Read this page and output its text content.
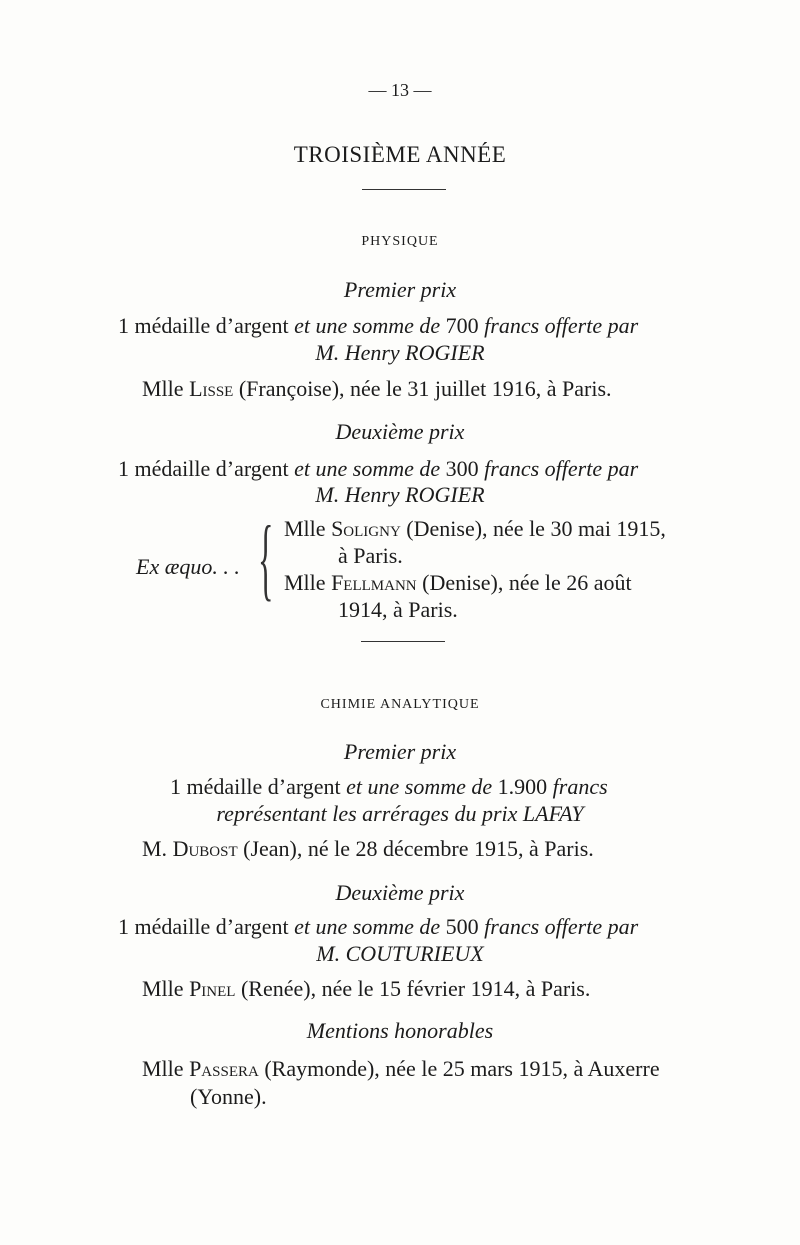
— 13 —
TROISIÈME ANNÉE
PHYSIQUE
Premier prix
1 médaille d’argent et une somme de 700 francs offerte par
M. Henry ROGIER
Mlle Lisse (Françoise), née le 31 juillet 1916, à Paris.
Deuxième prix
1 médaille d’argent et une somme de 300 francs offerte par
M. Henry ROGIER
Ex æquo. . . { Mlle Soligny (Denise), née le 30 mai 1915,
à Paris.
Mlle Fellmann (Denise), née le 26 août
1914, à Paris.
CHIMIE ANALYTIQUE
Premier prix
1 médaille d’argent et une somme de 1.900 francs
représentant les arrérages du prix LAFAY
M. Dubost (Jean), né le 28 décembre 1915, à Paris.
Deuxième prix
1 médaille d’argent et une somme de 500 francs offerte par
M. COUTURIEUX
Mlle Pinel (Renée), née le 15 février 1914, à Paris.
Mentions honorables
Mlle Passera (Raymonde), née le 25 mars 1915, à Auxerre
(Yonne).
